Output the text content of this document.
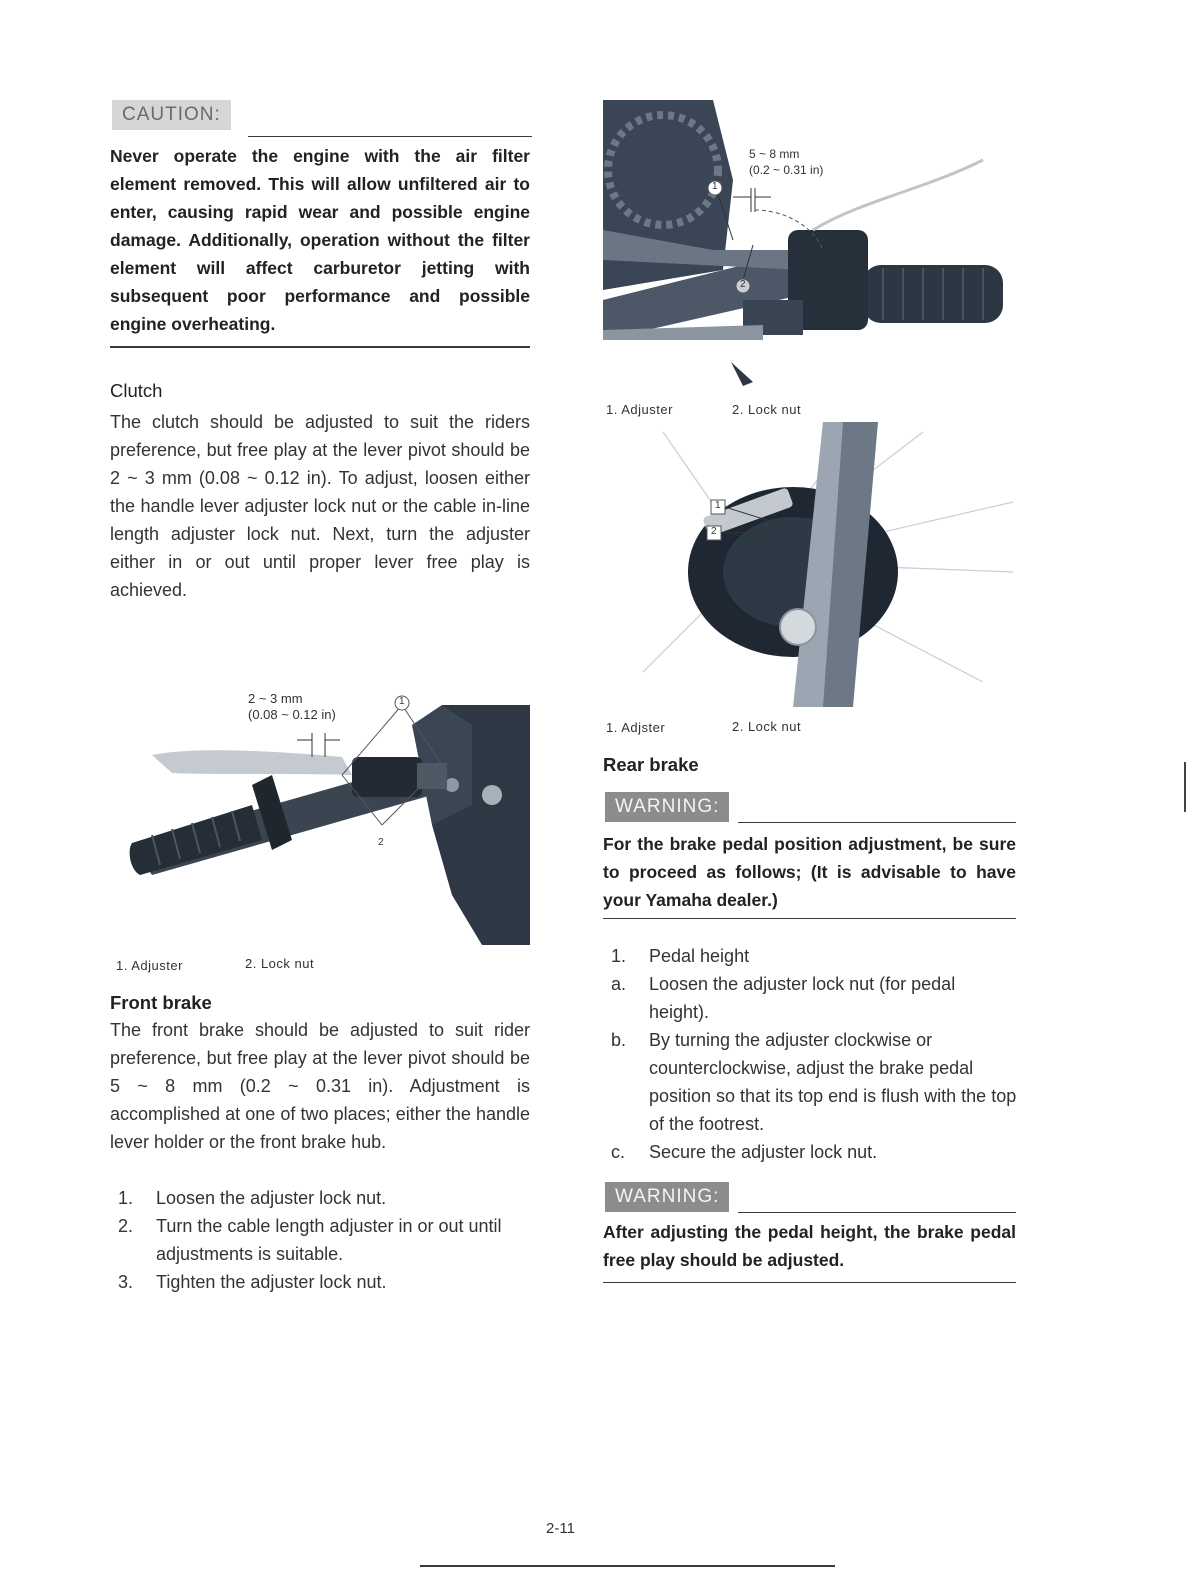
CAUTION:
Never operate the engine with the air filter element removed. This will allow unfiltered air to enter, causing rapid wear and possible engine damage. Additionally, operation without the filter element will affect carburetor jetting with subsequent poor performance and possible engine overheating.
Clutch
The clutch should be adjusted to suit the riders preference, but free play at the lever pivot should be 2 ~ 3 mm (0.08 ~ 0.12 in). To adjust, loosen either the handle lever adjuster lock nut or the cable in-line length adjuster lock nut. Next, turn the adjuster either in or out until proper lever free play is achieved.
2 ~ 3 mm
(0.08 ~ 0.12 in)
1
2
1. Adjuster	2. Lock nut
Front brake
The front brake should be adjusted to suit rider preference, but free play at the lever pivot should be 5 ~ 8 mm (0.2 ~ 0.31 in). Adjustment is accomplished at one of two places; either the handle lever holder or the front brake hub.
1. Loosen the adjuster lock nut.
2. Turn the cable length adjuster in or out until adjustments is suitable.
3. Tighten the adjuster lock nut.
5 ~ 8 mm
(0.2 ~ 0.31 in)
1
2
1. Adjuster	2. Lock nut
1
2
1. Adjster	2. Lock nut
Rear brake
WARNING:
For the brake pedal position adjustment, be sure to proceed as follows; (It is advisable to have your Yamaha dealer.)
1. Pedal height
a. Loosen the adjuster lock nut (for pedal height).
b. By turning the adjuster clockwise or counterclockwise, adjust the brake pedal position so that its top end is flush with the top of the footrest.
c. Secure the adjuster lock nut.
WARNING:
After adjusting the pedal height, the brake pedal free play should be adjusted.
2-11
